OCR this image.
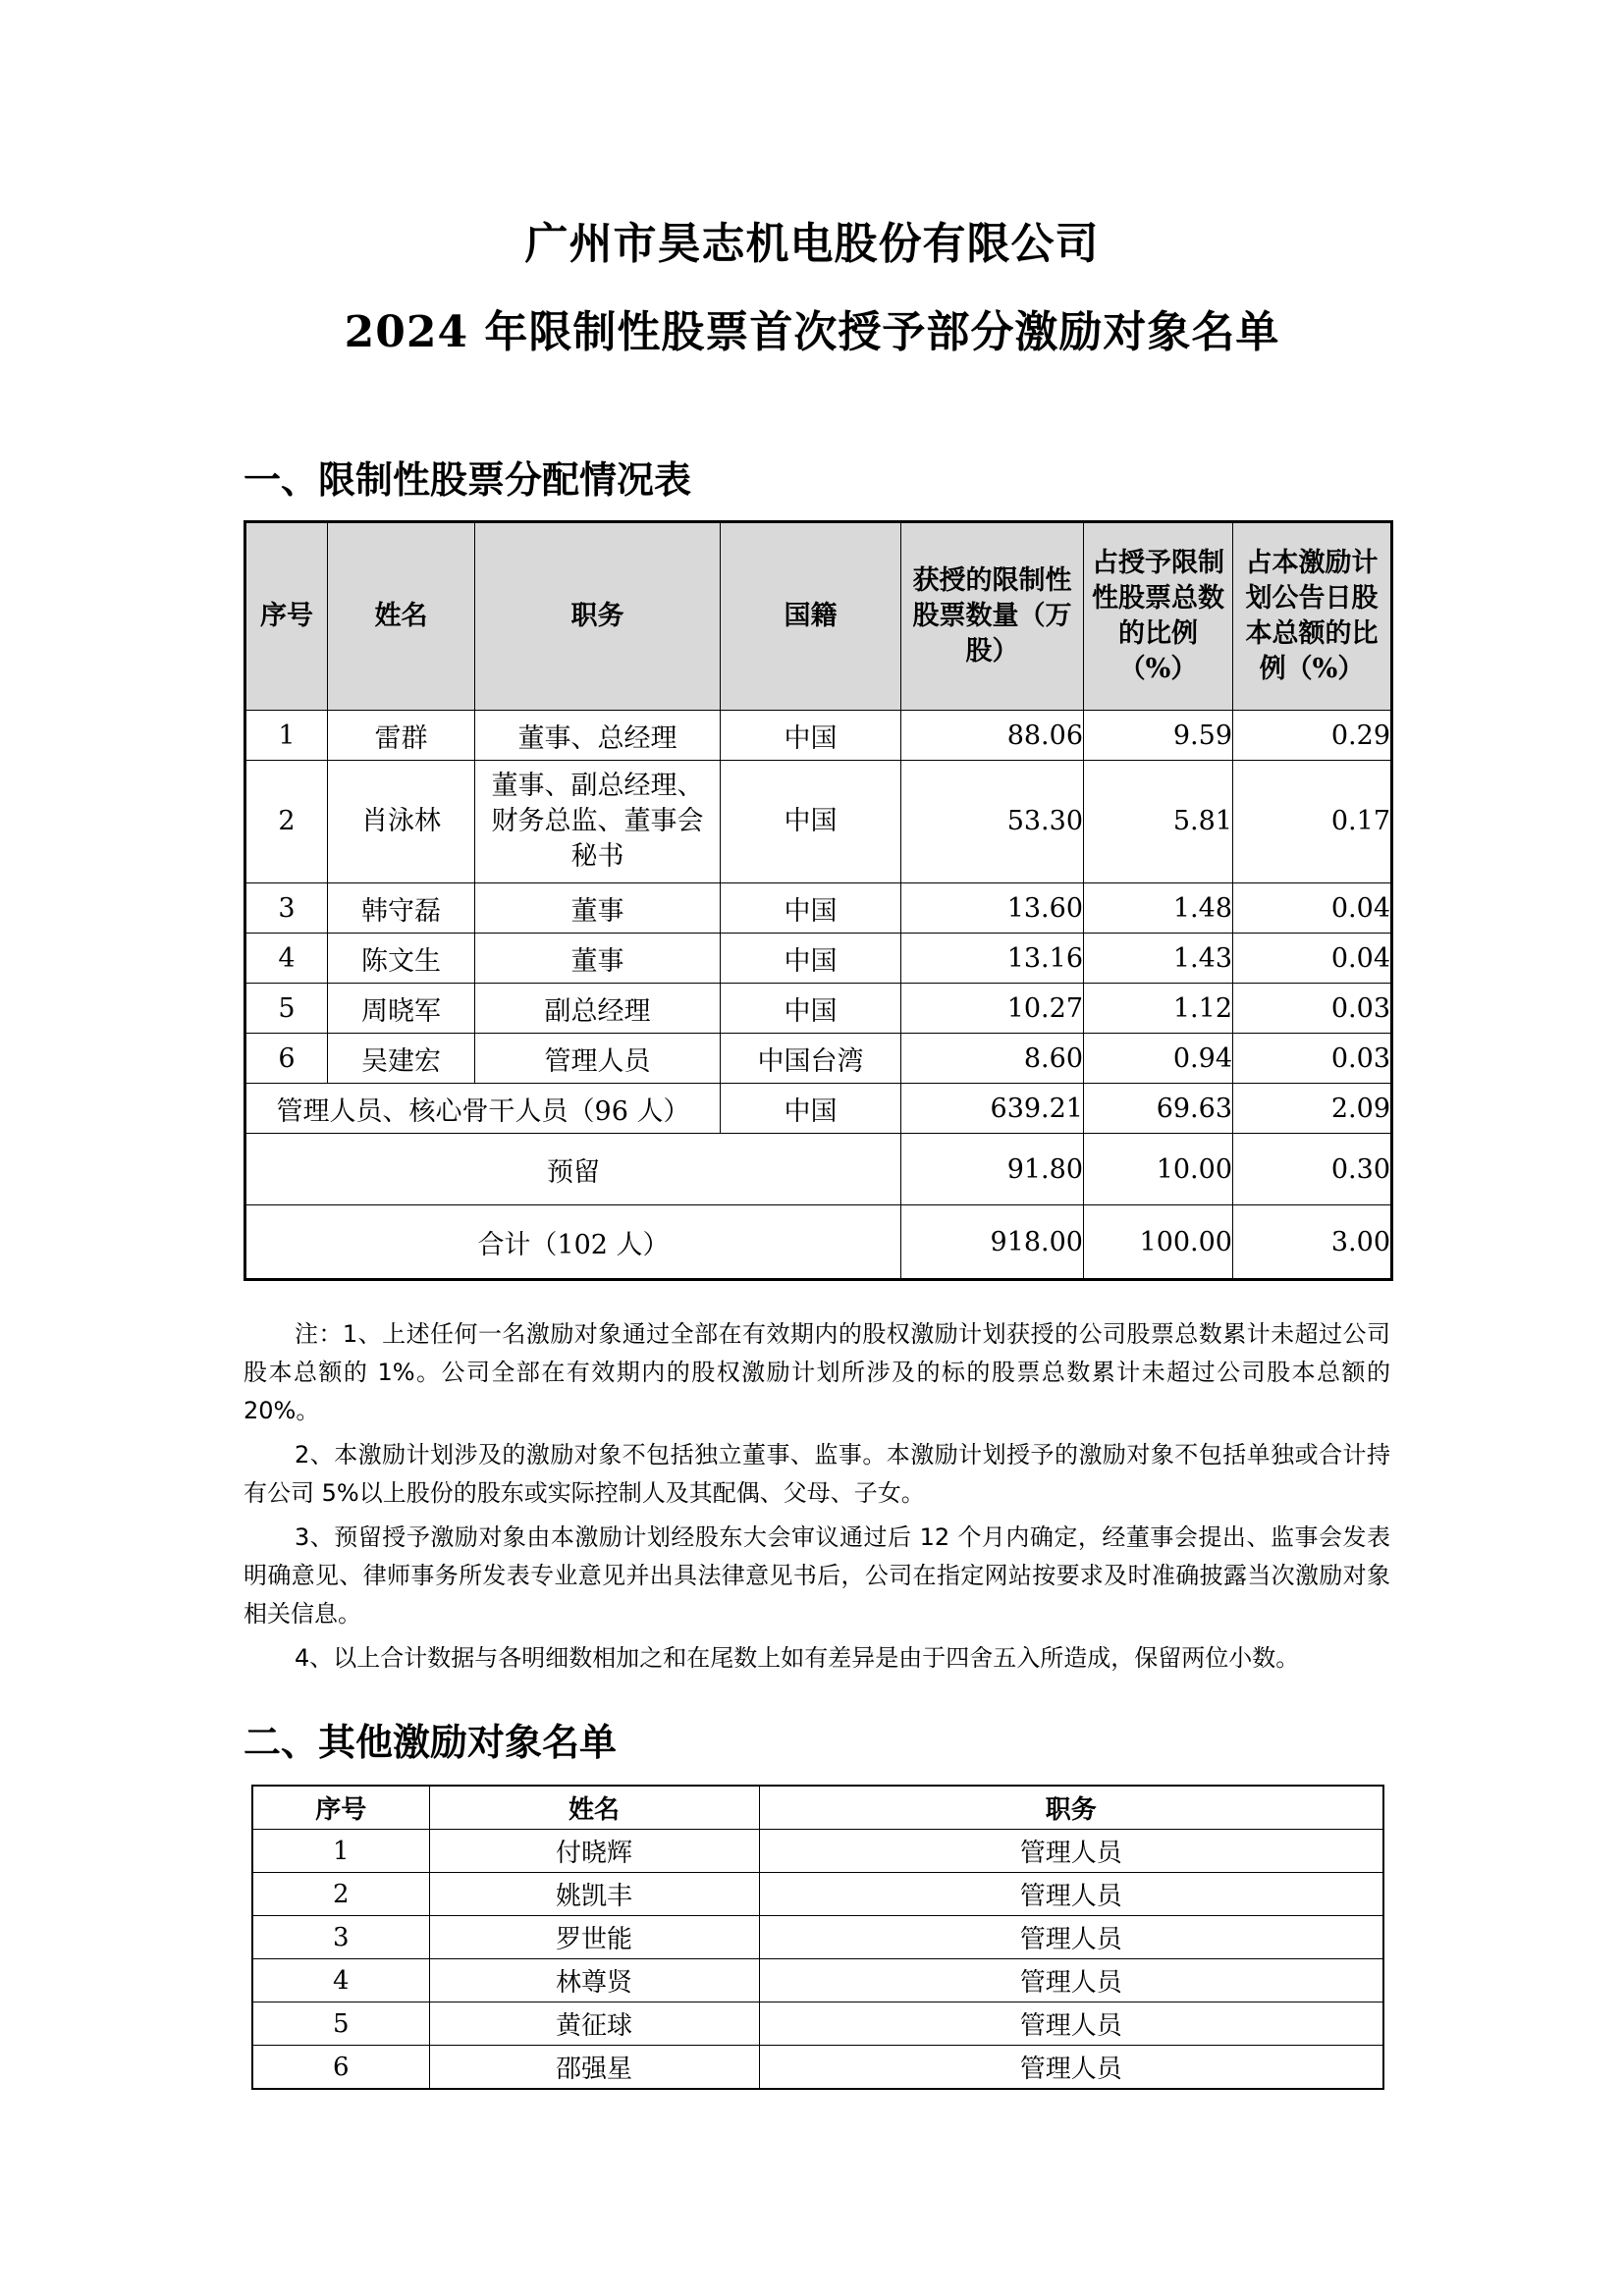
广州市昊志机电股份有限公司
2024 年限制性股票首次授予部分激励对象名单
一、限制性股票分配情况表
序号	姓名	职务	国籍	获授的限制性股票数量（万股）	占授予限制性股票总数的比例（%）	占本激励计划公告日股本总额的比例（%）
1	雷群	董事、总经理	中国	88.06	9.59	0.29
2	肖泳林	董事、副总经理、财务总监、董事会秘书	中国	53.30	5.81	0.17
3	韩守磊	董事	中国	13.60	1.48	0.04
4	陈文生	董事	中国	13.16	1.43	0.04
5	周晓军	副总经理	中国	10.27	1.12	0.03
6	吴建宏	管理人员	中国台湾	8.60	0.94	0.03
管理人员、核心骨干人员（96 人）			中国	639.21	69.63	2.09
预留				91.80	10.00	0.30
合计（102 人）				918.00	100.00	3.00

注：1、上述任何一名激励对象通过全部在有效期内的股权激励计划获授的公司股票总数累计未超过公司股本总额的 1%。公司全部在有效期内的股权激励计划所涉及的标的股票总数累计未超过公司股本总额的 20%。

2、本激励计划涉及的激励对象不包括独立董事、监事。本激励计划授予的激励对象不包括单独或合计持有公司 5%以上股份的股东或实际控制人及其配偶、父母、子女。

3、预留授予激励对象由本激励计划经股东大会审议通过后 12 个月内确定，经董事会提出、监事会发表明确意见、律师事务所发表专业意见并出具法律意见书后，公司在指定网站按要求及时准确披露当次激励对象相关信息。

4、以上合计数据与各明细数相加之和在尾数上如有差异是由于四舍五入所造成，保留两位小数。

二、其他激励对象名单
序号	姓名	职务
1	付晓辉	管理人员
2	姚凯丰	管理人员
3	罗世能	管理人员
4	林尊贤	管理人员
5	黄征球	管理人员
6	邵强星	管理人员
